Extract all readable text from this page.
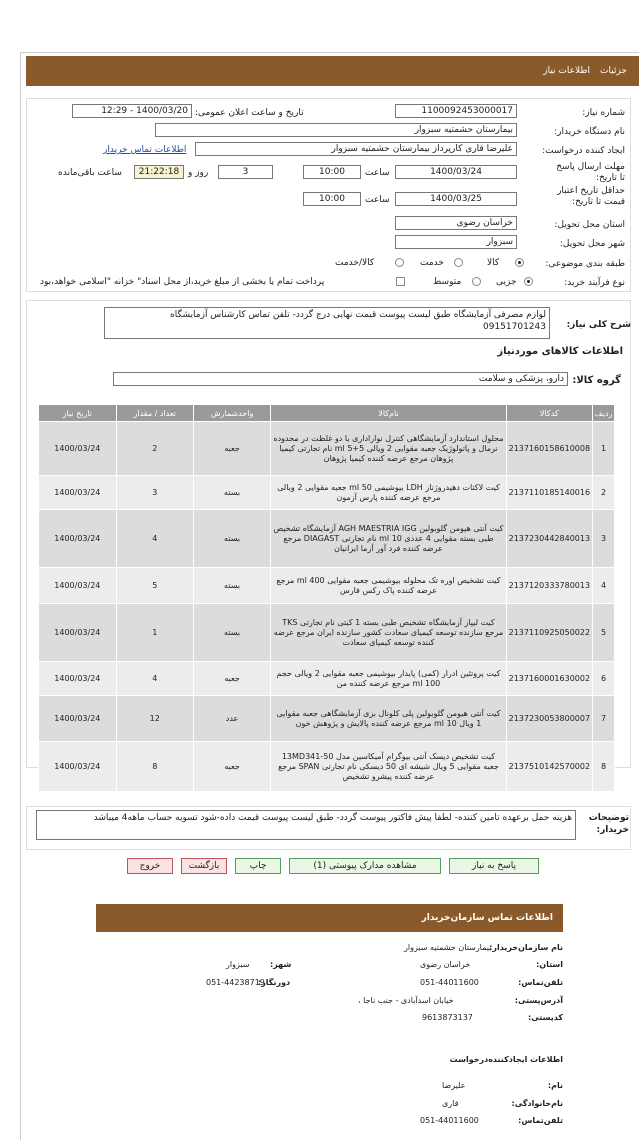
جزئیات
اطلاعات نیاز
شماره نیاز:
1100092453000017
تاریخ و ساعت اعلان عمومی:
1400/03/20 - 12:29
نام دستگاه خریدار:
بیمارستان حشمتیه سبزوار
ایجاد کننده درخواست:
علیرضا قاری کارپرداز بیمارستان حشمتیه سبزوار
اطلاعات تماس خریدار
مهلت ارسال پاسخ تا تاریخ:
1400/03/24
ساعت
10:00
3
روز و
21:22:18
ساعت باقی‌مانده
حداقل تاریخ اعتبار قیمت تا تاریخ:
1400/03/25
ساعت
10:00
استان محل تحویل:
خراسان رضوی
شهر محل تحویل:
سبزوار
طبقه بندی موضوعی:
کالا
خدمت
کالا/خدمت
نوع فرآیند خرید:
جزیی
متوسط
پرداخت تمام یا بخشی از مبلغ خرید،از محل اسناد" خزانه "اسلامی خواهد،بود
شرح کلی نیاز:
لوازم مصرفی آزمایشگاه طبق لیست پیوست قیمت نهایی درج گردد- تلفن تماس کارشناس آزمایشگاه 09151701243
اطلاعات کالاهای موردنیاز
گروه کالا:
دارو، پزشکی و سلامت
ردیف	کدکالا	نام‌کالا	واحدشمارش	تعداد / مقدار	تاریخ نیاز
1	2137160158610008	محلول استاندارد آزمایشگاهی کنترل نواراداری با دو غلظت در محدوده نرمال و پاتولوژیک جعبه مقوایی 2 ویالی 5+5 ml نام تجارتی کیمیا پژوهان مرجع عرضه کننده کیمیا پژوهان	جعبه	2	1400/03/24
2	2137110185140016	کیت لاکتات دهیدروژناز LDH بیوشیمی 50 ml جعبه مقوایی 2 ویالی مرجع عرضه کننده پارس آزمون	بسته	3	1400/03/24
3	2137230442840013	کیت آنتی هیومن گلوبولین AGH MAESTRIA IGG آزمایشگاه تشخیص طبی بسته مقوایی 4 عددی 10 ml نام تجارتی DIAGAST مرجع عرضه کننده فرد آور آزما ایرانیان	بسته	4	1400/03/24
4	2137120333780013	کیت تشخیص اوره تک محلوله بیوشیمی جعبه مقوایی 400 ml مرجع عرضه کننده پاک رکس فارس	بسته	5	1400/03/24
5	2137110925050022	کیت لیپاز آزمایشگاه تشخیص طبی بسته 1 کیتی نام تجارتی TKS مرجع سازنده توسعه کیمیای سعادت کشور سازنده ایران مرجع عرضه کننده توسعه کیمیای سعادت	بسته	1	1400/03/24
6	2137160001630002	کیت پروتئین ادرار (کمی) پایدار بیوشیمی جعبه مقوایی 2 ویالی حجم 100 ml مرجع عرضه کننده من	جعبه	4	1400/03/24
7	2137230053800007	کیت آنتی هیومن گلوبولین پلی کلونال بزی آزمایشگاهی جعبه مقوایی 1 ویال 10 ml مرجع عرضه کننده پالایش و پژوهش خون	عدد	12	1400/03/24
8	2137510142570002	کیت تشخیص دیسک آنتی بیوگرام آمیکاسین مدل 13MD341-50 جعبه مقوایی 5 ویال شیشه ای 50 دیسکی نام تجارتی SPAN مرجع عرضه کننده پیشرو تشخیص	جعبه	8	1400/03/24
توضیحات خریدار:
هزینه حمل برعهده تامین کننده- لطفا پیش فاکتور پیوست گردد- طبق لیست پیوست قیمت داده-شود تسویه حساب ماهه4 میباشد
پاسخ به نیاز
مشاهده مدارک پیوستی (1)
چاپ
بازگشت
خروج
اطلاعات تماس سازمان‌خریدار
نام سازمان‌خریدار:
بیمارستان حشمتیه سبزوار
استان:
خراسان رضوی
شهر:
سبزوار
تلفن‌تماس:
051-44011600
دورنگار:
051-44238719
آدرس‌پستی:
خیابان اسدآبادی - جنب ناجا ،
کدپستی:
9613873137
اطلاعات ایجادکننده‌درخواست
نام:
علیرضا
نام‌خانوادگی:
قاری
تلفن‌تماس:
051-44011600
